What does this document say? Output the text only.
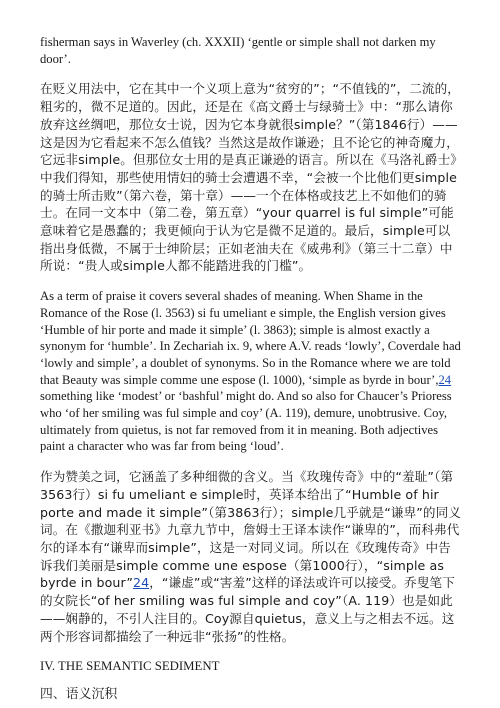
fisherman says in Waverley (ch. XXXII) ‘gentle or simple shall not darken my door’.

在贬义用法中，它在其中一个义项上意为“贫穷的”；“不值钱的”，二流的，粗劣的，微不足道的。因此，还是在《高文爵士与绿骑士》中：“那么请你放弃这丝绸吧，那位女士说，因为它本身就很simple？”（第1846行）——这是因为它看起来不怎么值钱？当然这是故作谦逊；且不论它的神奇魔力，它远非simple。但那位女士用的是真正谦逊的语言。所以在《马洛礼爵士》中我们得知，那些使用情妇的骑士会遭遇不幸，“会被一个比他们更simple的骑士所击败”（第六卷，第十章）——一个在体格或技艺上不如他们的骑士。在同一文本中（第二卷，第五章）“your quarrel is ful simple”可能意味着它是愚蠢的；我更倾向于认为它是微不足道的。最后，simple可以指出身低微，不属于士绅阶层；正如老油夫在《威弗利》（第三十二章）中所说：“贵人或simple人都不能踏进我的门槛”。

As a term of praise it covers several shades of meaning. When Shame in the Romance of the Rose (l. 3563) si fu umeliant e simple, the English version gives ‘Humble of hir porte and made it simple’ (l. 3863); simple is almost exactly a synonym for ‘humble’. In Zechariah ix. 9, where A.V. reads ‘lowly’, Coverdale had ‘lowly and simple’, a doublet of synonyms. So in the Romance where we are told that Beauty was simple comme une espose (l. 1000), ‘simple as byrde in bour’,24 something like ‘modest’ or ‘bashful’ might do. And so also for Chaucer’s Prioress who ‘of her smiling was ful simple and coy’ (A. 119), demure, unobtrusive. Coy, ultimately from quietus, is not far removed from it in meaning. Both adjectives paint a character who was far from being ‘loud’.

作为赞美之词，它涵盖了多种细微的含义。当《玫瑰传奇》中的“羞耻”（第3563行）si fu umeliant e simple时，英译本给出了“Humble of hir porte and made it simple”（第3863行）；simple几乎就是“谦卑”的同义词。在《撒迦利亚书》九章九节中，詹姆士王译本读作“谦卑的”，而科弗代尔的译本有“谦卑而simple”，这是一对同义词。所以在《玫瑰传奇》中告诉我们美丽是simple comme une espose（第1000行），“simple as byrde in bour”24，“谦虚”或“害羞”这样的译法或许可以接受。乔叟笔下的女院长“of her smiling was ful simple and coy”（A. 119）也是如此——娴静的，不引人注目的。Coy源自quietus，意义上与之相去不远。这两个形容词都描绘了一种远非“张扬”的性格。

IV. THE SEMANTIC SEDIMENT
四、语义沉积
